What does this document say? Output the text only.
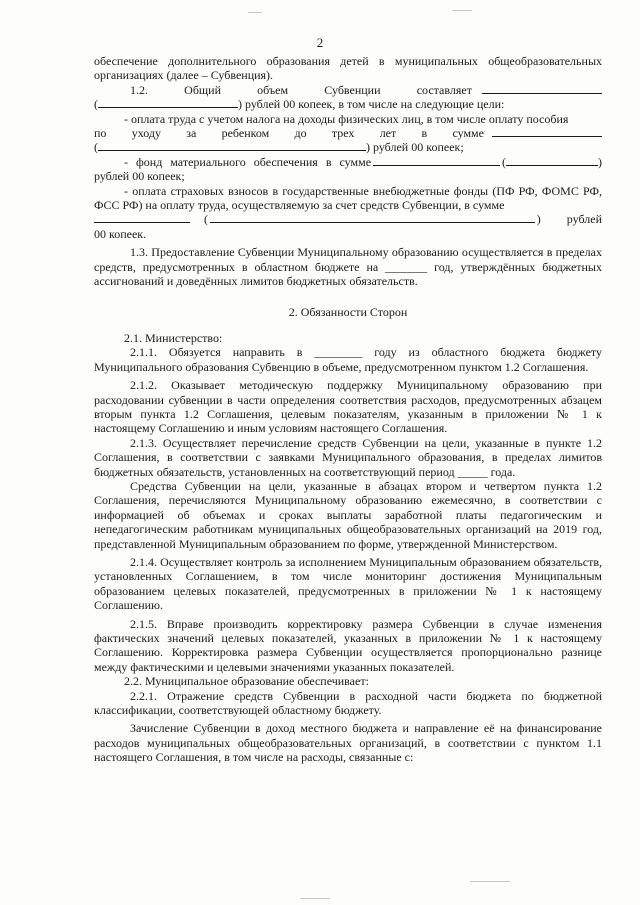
2

обеспечение дополнительного образования детей в муниципальных общеобразовательных организациях (далее – Субвенция).

1.2.	Общий	объем	Субвенции	составляет
(	) рублей 00 копеек, в том числе на следующие цели:

- оплата труда с учетом налога на доходы физических лиц, в том числе оплату пособия

по уходу за ребенком до трех лет в сумме
(	) рублей 00 копеек;
- фонд материального обеспечения в сумме	(	)

рублей 00 копеек;

- оплата страховых взносов в государственные внебюджетные фонды (ПФ РФ, ФОМС РФ, ФСС РФ) на оплату труда, осуществляемую за счет средств Субвенции, в сумме

(	) рублей

00 копеек.

1.3. Предоставление Субвенции Муниципальному образованию осуществляется в пределах средств, предусмотренных в областном бюджете на _______ год, утверждённых бюджетных ассигнований и доведённых лимитов бюджетных обязательств.

2. Обязанности Сторон

2.1. Министерство:

2.1.1. Обязуется направить в ________ году из областного бюджета бюджету Муниципального образования Субвенцию в объеме, предусмотренном пунктом 1.2 Соглашения.

2.1.2. Оказывает методическую поддержку Муниципальному образованию при расходовании субвенции в части определения соответствия расходов, предусмотренных абзацем вторым пункта 1.2 Соглашения, целевым показателям, указанным в приложении № 1 к настоящему Соглашению и иным условиям настоящего Соглашения.

2.1.3. Осуществляет перечисление средств Субвенции на цели, указанные в пункте 1.2 Соглашения, в соответствии с заявками Муниципального образования, в пределах лимитов бюджетных обязательств, установленных на соответствующий период _____ года.

Средства Субвенции на цели, указанные в абзацах втором и четвертом пункта 1.2 Соглашения, перечисляются Муниципальному образованию ежемесячно, в соответствии с информацией об объемах и сроках выплаты заработной платы педагогическим и непедагогическим работникам муниципальных общеобразовательных организаций на 2019 год, представленной Муниципальным образованием по форме, утвержденной Министерством.

2.1.4. Осуществляет контроль за исполнением Муниципальным образованием обязательств, установленных Соглашением, в том числе мониторинг достижения Муниципальным образованием целевых показателей, предусмотренных в приложении № 1 к настоящему Соглашению.

2.1.5. Вправе производить корректировку размера Субвенции в случае изменения фактических значений целевых показателей, указанных в приложении № 1 к настоящему Соглашению. Корректировка размера Субвенции осуществляется пропорционально разнице между фактическими и целевыми значениями указанных показателей.

2.2. Муниципальное образование обеспечивает:

2.2.1. Отражение средств Субвенции в расходной части бюджета по бюджетной классификации, соответствующей областному бюджету.

Зачисление Субвенции в доход местного бюджета и направление её на финансирование расходов муниципальных общеобразовательных организаций, в соответствии с пунктом 1.1 настоящего Соглашения, в том числе на расходы, связанные с:
